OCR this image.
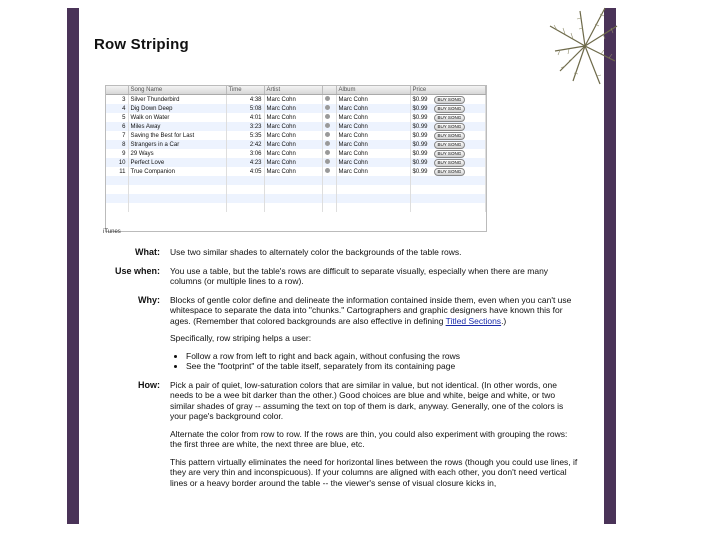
Row Striping
	Song Name	Time	Artist		Album	Price
3	Silver Thunderbird	4:38	Marc Cohn		Marc Cohn	$0.99 BUY SONG
4	Dig Down Deep	5:08	Marc Cohn		Marc Cohn	$0.99 BUY SONG
5	Walk on Water	4:01	Marc Cohn		Marc Cohn	$0.99 BUY SONG
6	Miles Away	3:23	Marc Cohn		Marc Cohn	$0.99 BUY SONG
7	Saving the Best for Last	5:35	Marc Cohn		Marc Cohn	$0.99 BUY SONG
8	Strangers in a Car	2:42	Marc Cohn		Marc Cohn	$0.99 BUY SONG
9	29 Ways	3:06	Marc Cohn		Marc Cohn	$0.99 BUY SONG
10	Perfect Love	4:23	Marc Cohn		Marc Cohn	$0.99 BUY SONG
11	True Companion	4:05	Marc Cohn		Marc Cohn	$0.99 BUY SONG

iTunes
What: Use two similar shades to alternately color the backgrounds of the table rows.

Use when: You use a table, but the table's rows are difficult to separate visually, especially when there are many columns (or multiple lines to a row).

Why: Blocks of gentle color define and delineate the information contained inside them, even when you can't use whitespace to separate the data into "chunks." Cartographers and graphic designers have known this for ages. (Remember that colored backgrounds are also effective in defining Titled Sections.)

Specifically, row striping helps a user:

• Follow a row from left to right and back again, without confusing the rows
• See the "footprint" of the table itself, separately from its containing page
How: Pick a pair of quiet, low-saturation colors that are similar in value, but not identical. (In other words, one needs to be a wee bit darker than the other.) Good choices are blue and white, beige and white, or two similar shades of gray -- assuming the text on top of them is dark, anyway. Generally, one of the colors is your page's background color.

Alternate the color from row to row. If the rows are thin, you could also experiment with grouping the rows: the first three are white, the next three are blue, etc.

This pattern virtually eliminates the need for horizontal lines between the rows (though you could use lines, if they are very thin and inconspicuous). If your columns are aligned with each other, you don't need vertical lines or a heavy border around the table -- the viewer's sense of visual closure kicks in,
